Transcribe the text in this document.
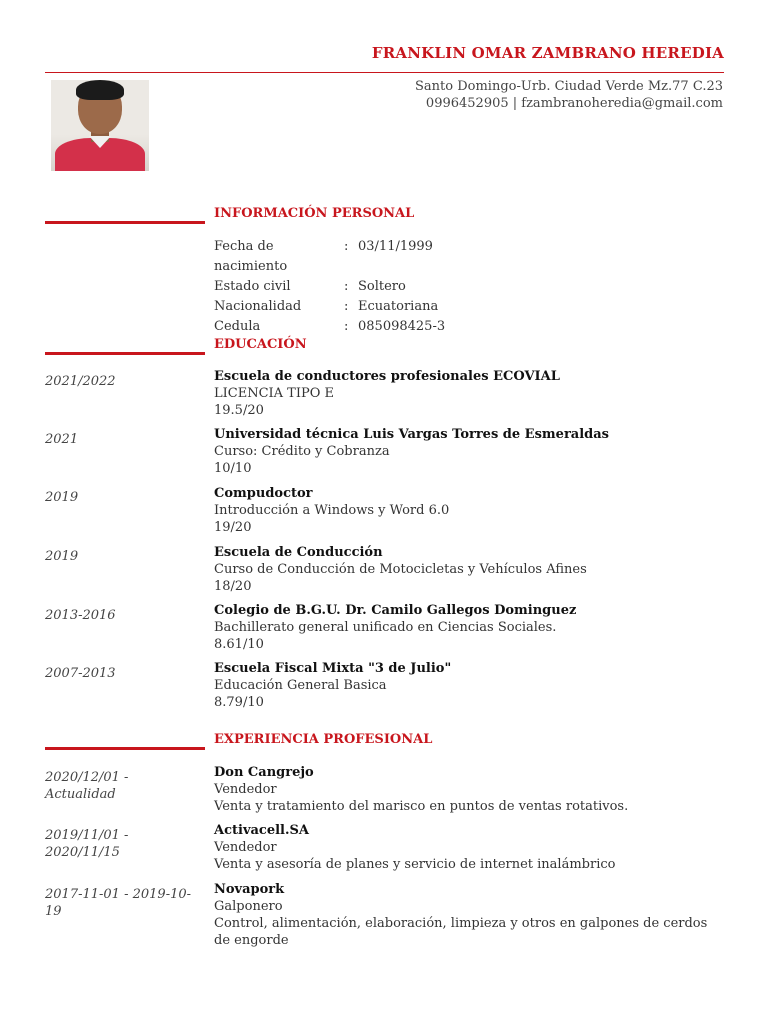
FRANKLIN OMAR ZAMBRANO HEREDIA
Santo Domingo-Urb. Ciudad Verde Mz.77 C.23
0996452905 | fzambranoheredia@gmail.com
INFORMACIÓN PERSONAL
Fecha de nacimiento
: 03/11/1999
Estado civil	: Soltero
Nacionalidad	: Ecuatoriana
Cedula	: 085098425-3
EDUCACIÓN
2021/2022	Escuela de conductores profesionales ECOVIAL
LICENCIA TIPO E
19.5/20
2021	Universidad técnica Luis Vargas Torres de Esmeraldas
Curso: Crédito y Cobranza
10/10
2019	Compudoctor
Introducción a Windows y Word 6.0
19/20
2019	Escuela de Conducción
Curso de Conducción de Motocicletas y Vehículos Afines
18/20
2013-2016	Colegio de B.G.U. Dr. Camilo Gallegos Dominguez
Bachillerato general unificado en Ciencias Sociales.
8.61/10
2007-2013	Escuela Fiscal Mixta "3 de Julio"
Educación General Basica
8.79/10
EXPERIENCIA PROFESIONAL
2020/12/01 - Actualidad
Don Cangrejo
Vendedor
Venta y tratamiento del marisco en puntos de ventas rotativos.
2019/11/01 - 2020/11/15
Activacell.SA
Vendedor
Venta y asesoría de planes y servicio de internet inalámbrico
2017-11-01 - 2019-10-19
Novapork
Galponero
Control, alimentación, elaboración, limpieza y otros en galpones de cerdos de engorde
